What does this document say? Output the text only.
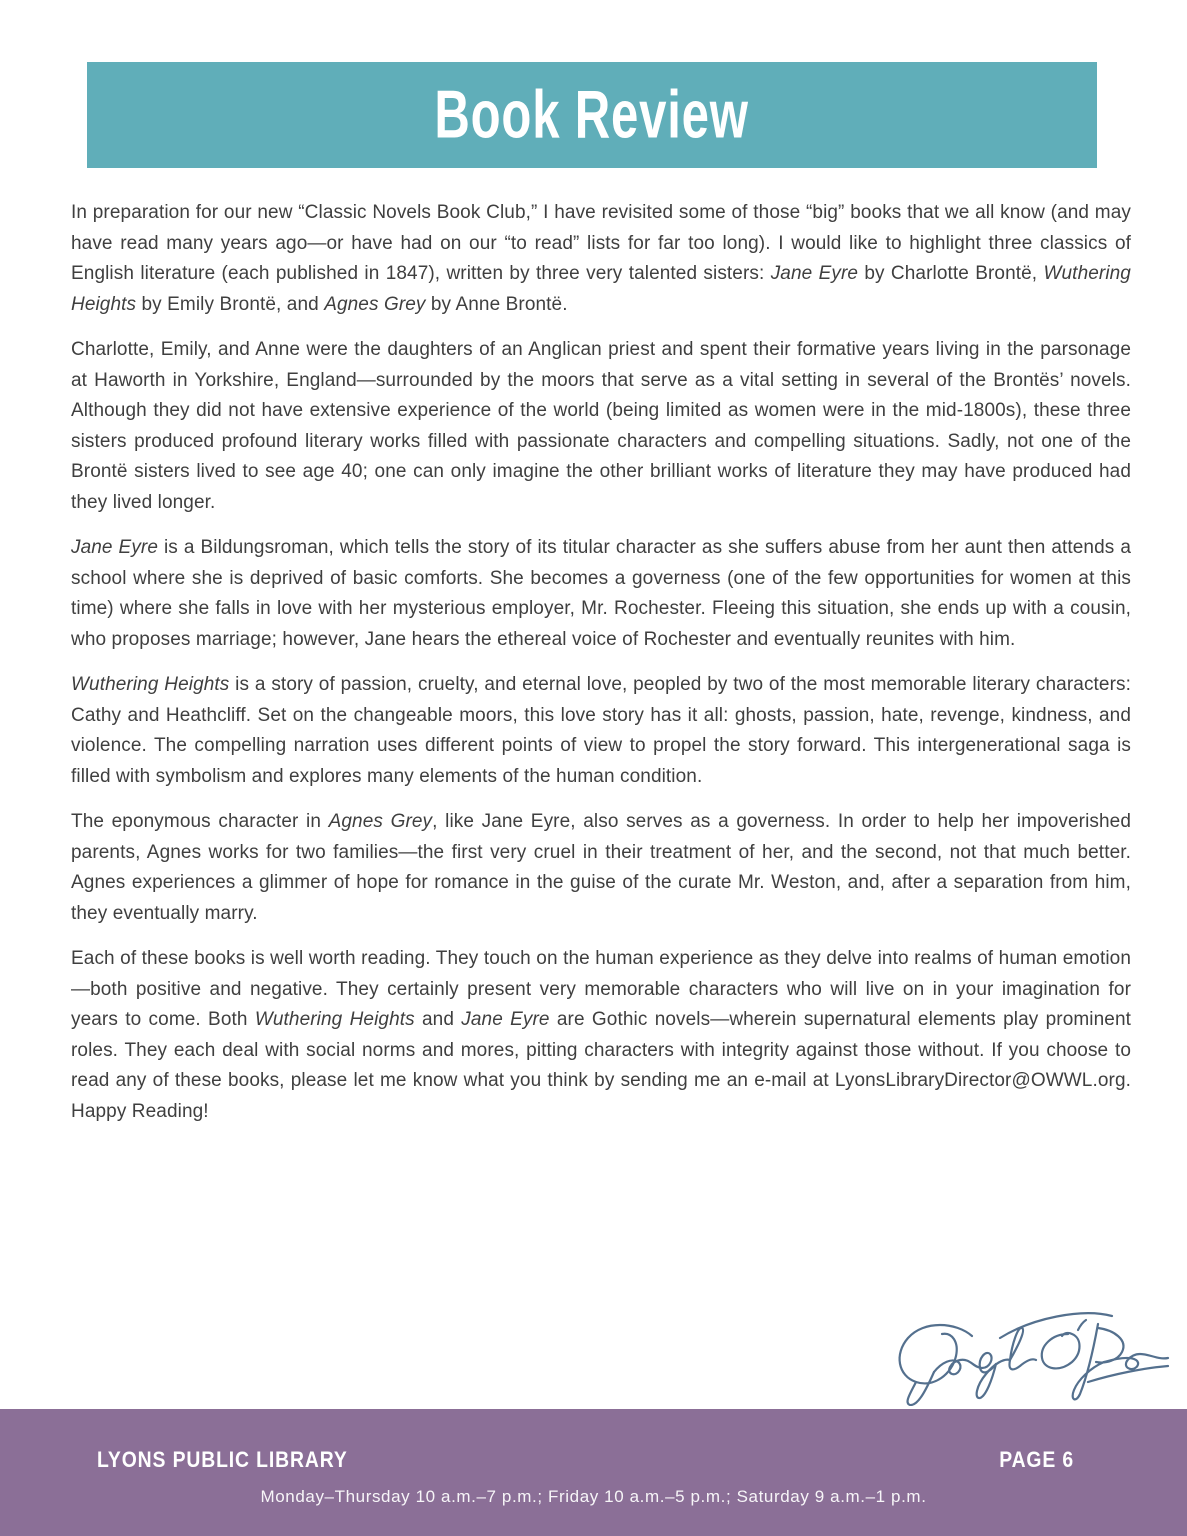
Book Review

In preparation for our new “Classic Novels Book Club,” I have revisited some of those “big” books that we all know (and may have read many years ago—or have had on our “to read” lists for far too long). I would like to highlight three classics of English literature (each published in 1847), written by three very talented sisters: Jane Eyre by Charlotte Brontë, Wuthering Heights by Emily Brontë, and Agnes Grey by Anne Brontë.

Charlotte, Emily, and Anne were the daughters of an Anglican priest and spent their formative years living in the parsonage at Haworth in Yorkshire, England—surrounded by the moors that serve as a vital setting in several of the Brontës’ novels. Although they did not have extensive experience of the world (being limited as women were in the mid-1800s), these three sisters produced profound literary works filled with passionate characters and compelling situations. Sadly, not one of the Brontë sisters lived to see age 40; one can only imagine the other brilliant works of literature they may have produced had they lived longer.

Jane Eyre is a Bildungsroman, which tells the story of its titular character as she suffers abuse from her aunt then attends a school where she is deprived of basic comforts. She becomes a governess (one of the few opportunities for women at this time) where she falls in love with her mysterious employer, Mr. Rochester. Fleeing this situation, she ends up with a cousin, who proposes marriage; however, Jane hears the ethereal voice of Rochester and eventually reunites with him.

Wuthering Heights is a story of passion, cruelty, and eternal love, peopled by two of the most memorable literary characters: Cathy and Heathcliff. Set on the changeable moors, this love story has it all: ghosts, passion, hate, revenge, kindness, and violence. The compelling narration uses different points of view to propel the story forward. This intergenerational saga is filled with symbolism and explores many elements of the human condition.

The eponymous character in Agnes Grey, like Jane Eyre, also serves as a governess. In order to help her impoverished parents, Agnes works for two families—the first very cruel in their treatment of her, and the second, not that much better. Agnes experiences a glimmer of hope for romance in the guise of the curate Mr. Weston, and, after a separation from him, they eventually marry.

Each of these books is well worth reading. They touch on the human experience as they delve into realms of human emotion—both positive and negative. They certainly present very memorable characters who will live on in your imagination for years to come. Both Wuthering Heights and Jane Eyre are Gothic novels—wherein supernatural elements play prominent roles. They each deal with social norms and mores, pitting characters with integrity against those without. If you choose to read any of these books, please let me know what you think by sending me an e-mail at LyonsLibraryDirector@OWWL.org. Happy Reading!

LYONS PUBLIC LIBRARY	PAGE 6
Monday–Thursday 10 a.m.–7 p.m.; Friday 10 a.m.–5 p.m.; Saturday 9 a.m.–1 p.m.
